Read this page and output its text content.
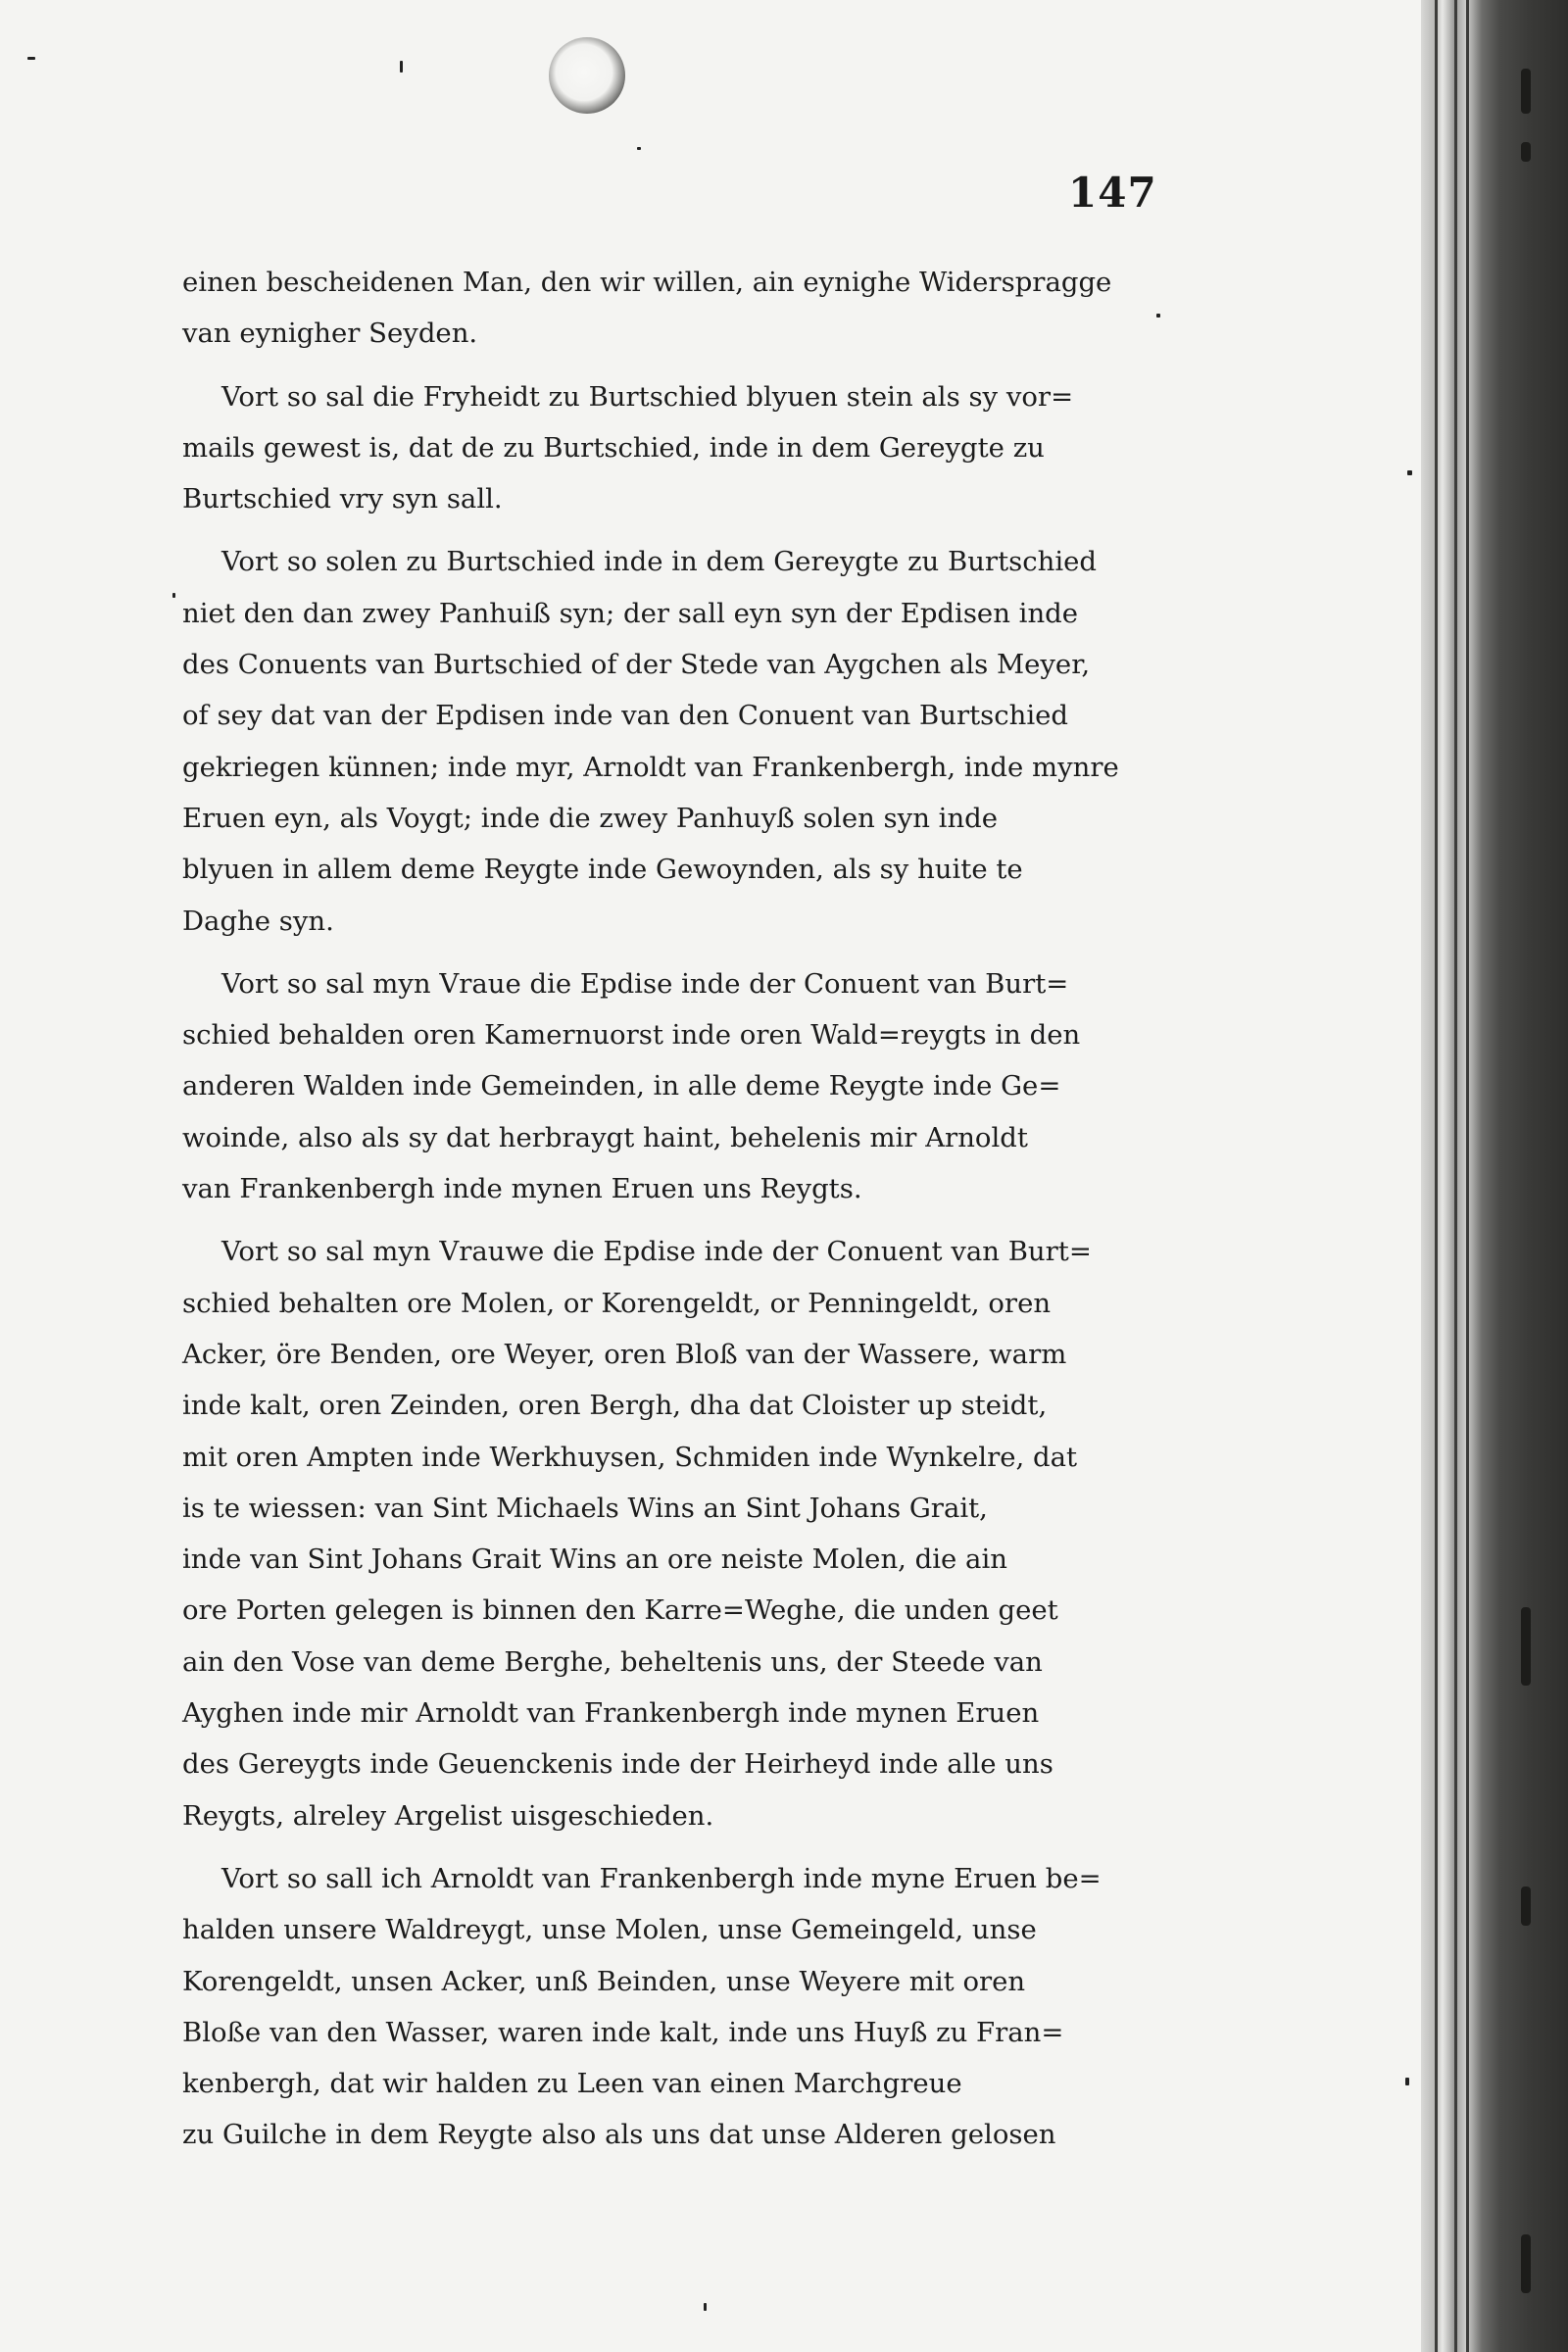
147

einen bescheidenen Man, den wir willen, ain eynighe Widerspragge
van eynigher Seyden.

Vort so sal die Fryheidt zu Burtschied blyuen stein als sy vor=
mails gewest is, dat de zu Burtschied, inde in dem Gereygte zu
Burtschied vry syn sall.

Vort so solen zu Burtschied inde in dem Gereygte zu Burtschied
niet den dan zwey Panhuiß syn; der sall eyn syn der Epdisen inde
des Conuents van Burtschied of der Stede van Aygchen als Meyer,
of sey dat van der Epdisen inde van den Conuent van Burtschied
gekriegen künnen; inde myr, Arnoldt van Frankenbergh, inde mynre
Eruen eyn, als Voygt; inde die zwey Panhuyß solen syn inde
blyuen in allem deme Reygte inde Gewoynden, als sy huite te
Daghe syn.

Vort so sal myn Vraue die Epdise inde der Conuent van Burt=
schied behalden oren Kamernuorst inde oren Wald=reygts in den
anderen Walden inde Gemeinden, in alle deme Reygte inde Ge=
woinde, also als sy dat herbraygt haint, behelenis mir Arnoldt
van Frankenbergh inde mynen Eruen uns Reygts.

Vort so sal myn Vrauwe die Epdise inde der Conuent van Burt=
schied behalten ore Molen, or Korengeldt, or Penningeldt, oren
Acker, öre Benden, ore Weyer, oren Bloß van der Wassere, warm
inde kalt, oren Zeinden, oren Bergh, dha dat Cloister up steidt,
mit oren Ampten inde Werkhuysen, Schmiden inde Wynkelre, dat
is te wiessen: van Sint Michaels Wins an Sint Johans Grait,
inde van Sint Johans Grait Wins an ore neiste Molen, die ain
ore Porten gelegen is binnen den Karre=Weghe, die unden geet
ain den Vose van deme Berghe, beheltenis uns, der Steede van
Ayghen inde mir Arnoldt van Frankenbergh inde mynen Eruen
des Gereygts inde Geuenckenis inde der Heirheyd inde alle uns
Reygts, alreley Argelist uisgeschieden.

Vort so sall ich Arnoldt van Frankenbergh inde myne Eruen be=
halden unsere Waldreygt, unse Molen, unse Gemeingeld, unse
Korengeldt, unsen Acker, unß Beinden, unse Weyere mit oren
Bloße van den Wasser, waren inde kalt, inde uns Huyß zu Fran=
kenbergh, dat wir halden zu Leen van einen Marchgreue
zu Guilche in dem Reygte also als uns dat unse Alderen gelosen
